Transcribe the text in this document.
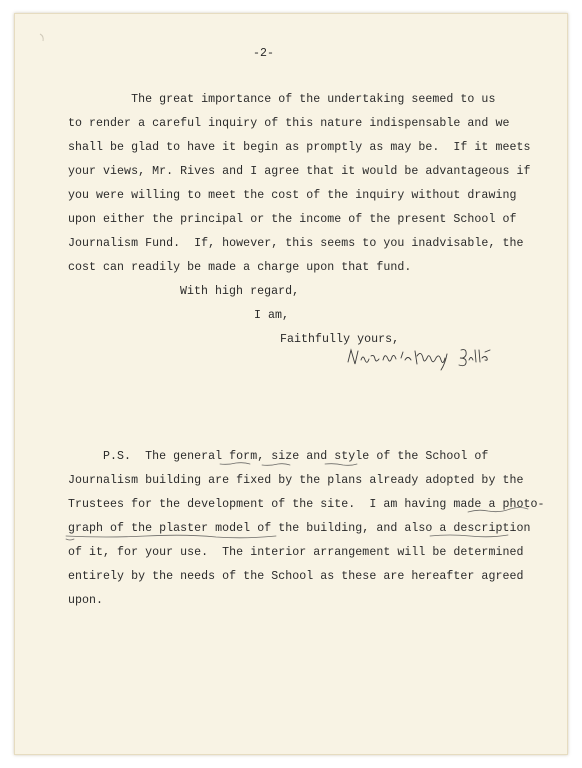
-2-
The great importance of the undertaking seemed to us
to render a careful inquiry of this nature indispensable and we
shall be glad to have it begin as promptly as may be.  If it meets
your views, Mr. Rives and I agree that it would be advantageous if
you were willing to meet the cost of the inquiry without drawing
upon either the principal or the income of the present School of
Journalism Fund.  If, however, this seems to you inadvisable, the
cost can readily be made a charge upon that fund.
With high regard,
I am,
Faithfully yours,
P.S.  The general form, size and style of the School of
Journalism building are fixed by the plans already adopted by the
Trustees for the development of the site.  I am having made a photo-
graph of the plaster model of the building, and also a description
of it, for your use.  The interior arrangement will be determined
entirely by the needs of the School as these are hereafter agreed
upon.
